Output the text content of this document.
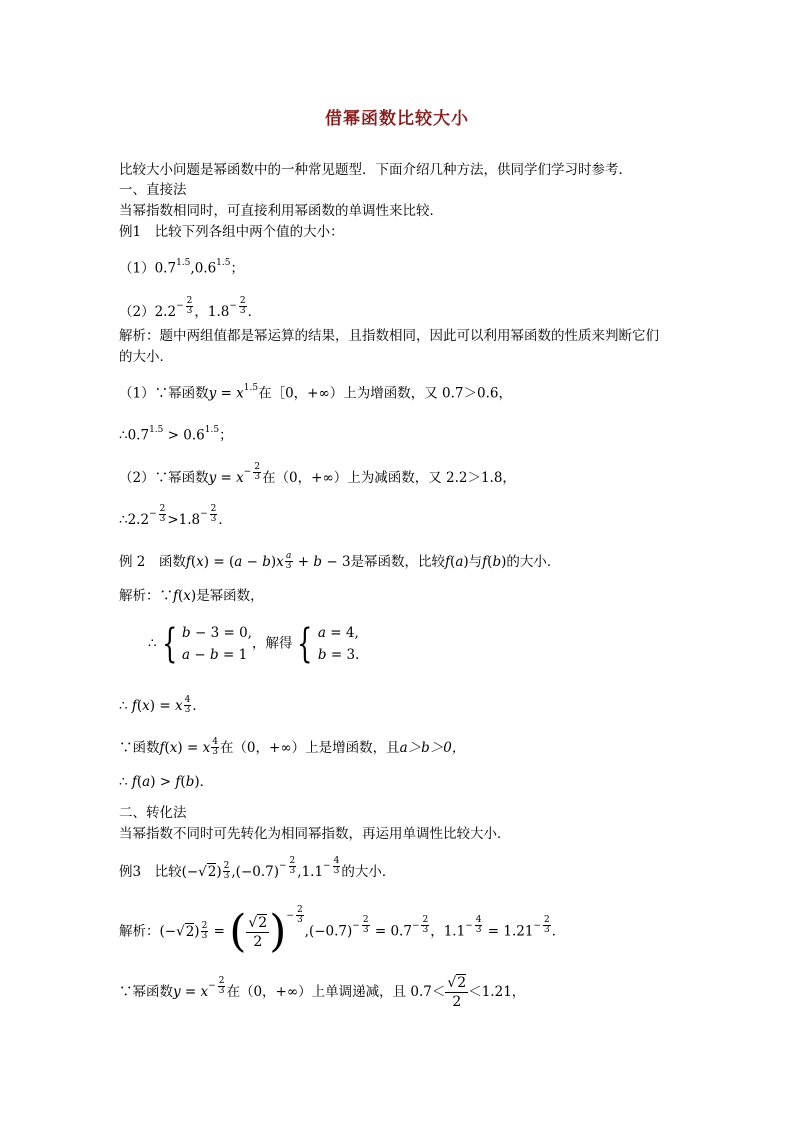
借幂函数比较大小
比较大小问题是幂函数中的一种常见题型．下面介绍几种方法，供同学们学习时参考．
一、直接法
当幂指数相同时，可直接利用幂函数的单调性来比较．
例1　比较下列各组中两个值的大小：
$(1)0.7^{1.5},0.6^{1.5}$；
$(2)2.2 - \frac{2}{3}$ ，$1.8 - \frac{2}{3}$ ．
解析：题中两组值都是幂运算的结果，且指数相同，因此可以利用幂函数的性质来判断它们
的大小．
（1）∵幂函数$y = x^{1.5}$在［0，+∞）上为增函数，又 0.7＞0.6，
$\therefore 0.7^{1.5} > 0.6^{1.5}$；
（2）∵幂函数$y = x - \frac{2}{3}$ 在（0，+∞）上为减函数，又 2.2＞1.8，
∴2.2 − $\frac{2}{3} >1.8 - \frac{2}{3}$ ．
例 2　函数$f(x) = (a - b)x \frac{a}{3} + b - 3$是幂函数，比较f(a)与f(b)的大小．
解析：∵f(x)是幂函数，
∴ { b − 3 = 0,
a − b = 1
，解得 { a = 4,
b = 3.
∴ f(x) = x $\frac{4}{3}$ ．
∵函数f(x) = x $\frac{4}{3}$ 在（0，+∞）上是增函数，且a＞b＞0，
∴ f(a) > f(b)．
二、转化法
当幂指数不同时可先转化为相同幂指数，再运用单调性比较大小．
例3　比较$(-√2) \frac{2}{3} ,(-0.7) - \frac{2}{3} ,1.1 - \frac{4}{3}$ 的大小．
解析：$(-√2) \frac{2}{3}$ = ( $\frac{√2}{2}$ ) − $\frac{2}{3}$
$,(-0.7) - \frac{2}{3} = 0.7 - \frac{2}{3}$ ，$1.1 - \frac{4}{3} = 1.21 - \frac{2}{3}$ ．
∵幂函数$y = x - \frac{2}{3}$ 在（0，+∞）上单调递减，且 $0.7< \frac{√2}{2} <1.21$，
